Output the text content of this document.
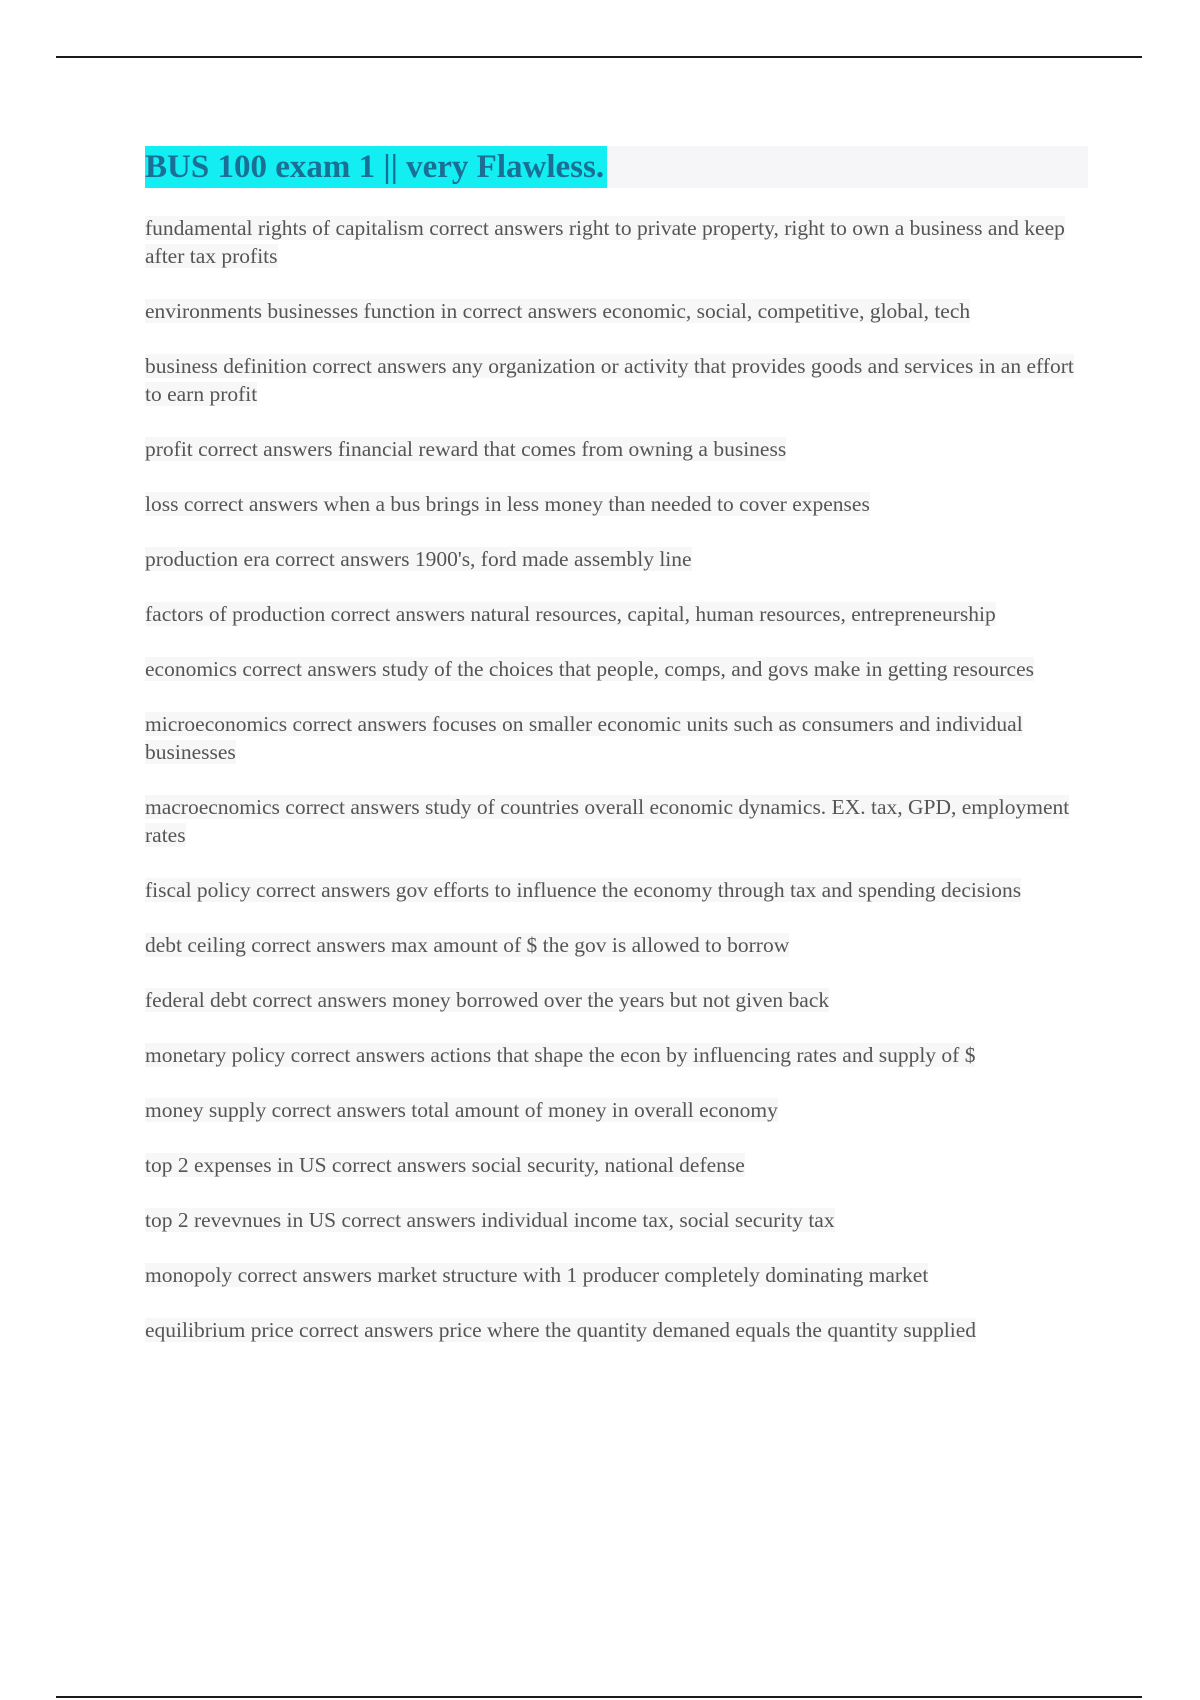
BUS 100 exam 1 || very Flawless.

fundamental rights of capitalism correct answers right to private property, right to own a business and keep after tax profits

environments businesses function in correct answers economic, social, competitive, global, tech

business definition correct answers any organization or activity that provides goods and services in an effort to earn profit

profit correct answers financial reward that comes from owning a business

loss correct answers when a bus brings in less money than needed to cover expenses

production era correct answers 1900's, ford made assembly line

factors of production correct answers natural resources, capital, human resources, entrepreneurship

economics correct answers study of the choices that people, comps, and govs make in getting resources

microeconomics correct answers focuses on smaller economic units such as consumers and individual businesses

macroecnomics correct answers study of countries overall economic dynamics. EX. tax, GPD, employment rates

fiscal policy correct answers gov efforts to influence the economy through tax and spending decisions

debt ceiling correct answers max amount of $ the gov is allowed to borrow

federal debt correct answers money borrowed over the years but not given back

monetary policy correct answers actions that shape the econ by influencing rates and supply of $

money supply correct answers total amount of money in overall economy

top 2 expenses in US correct answers social security, national defense

top 2 revevnues in US correct answers individual income tax, social security tax

monopoly correct answers market structure with 1 producer completely dominating market

equilibrium price correct answers price where the quantity demaned equals the quantity supplied
